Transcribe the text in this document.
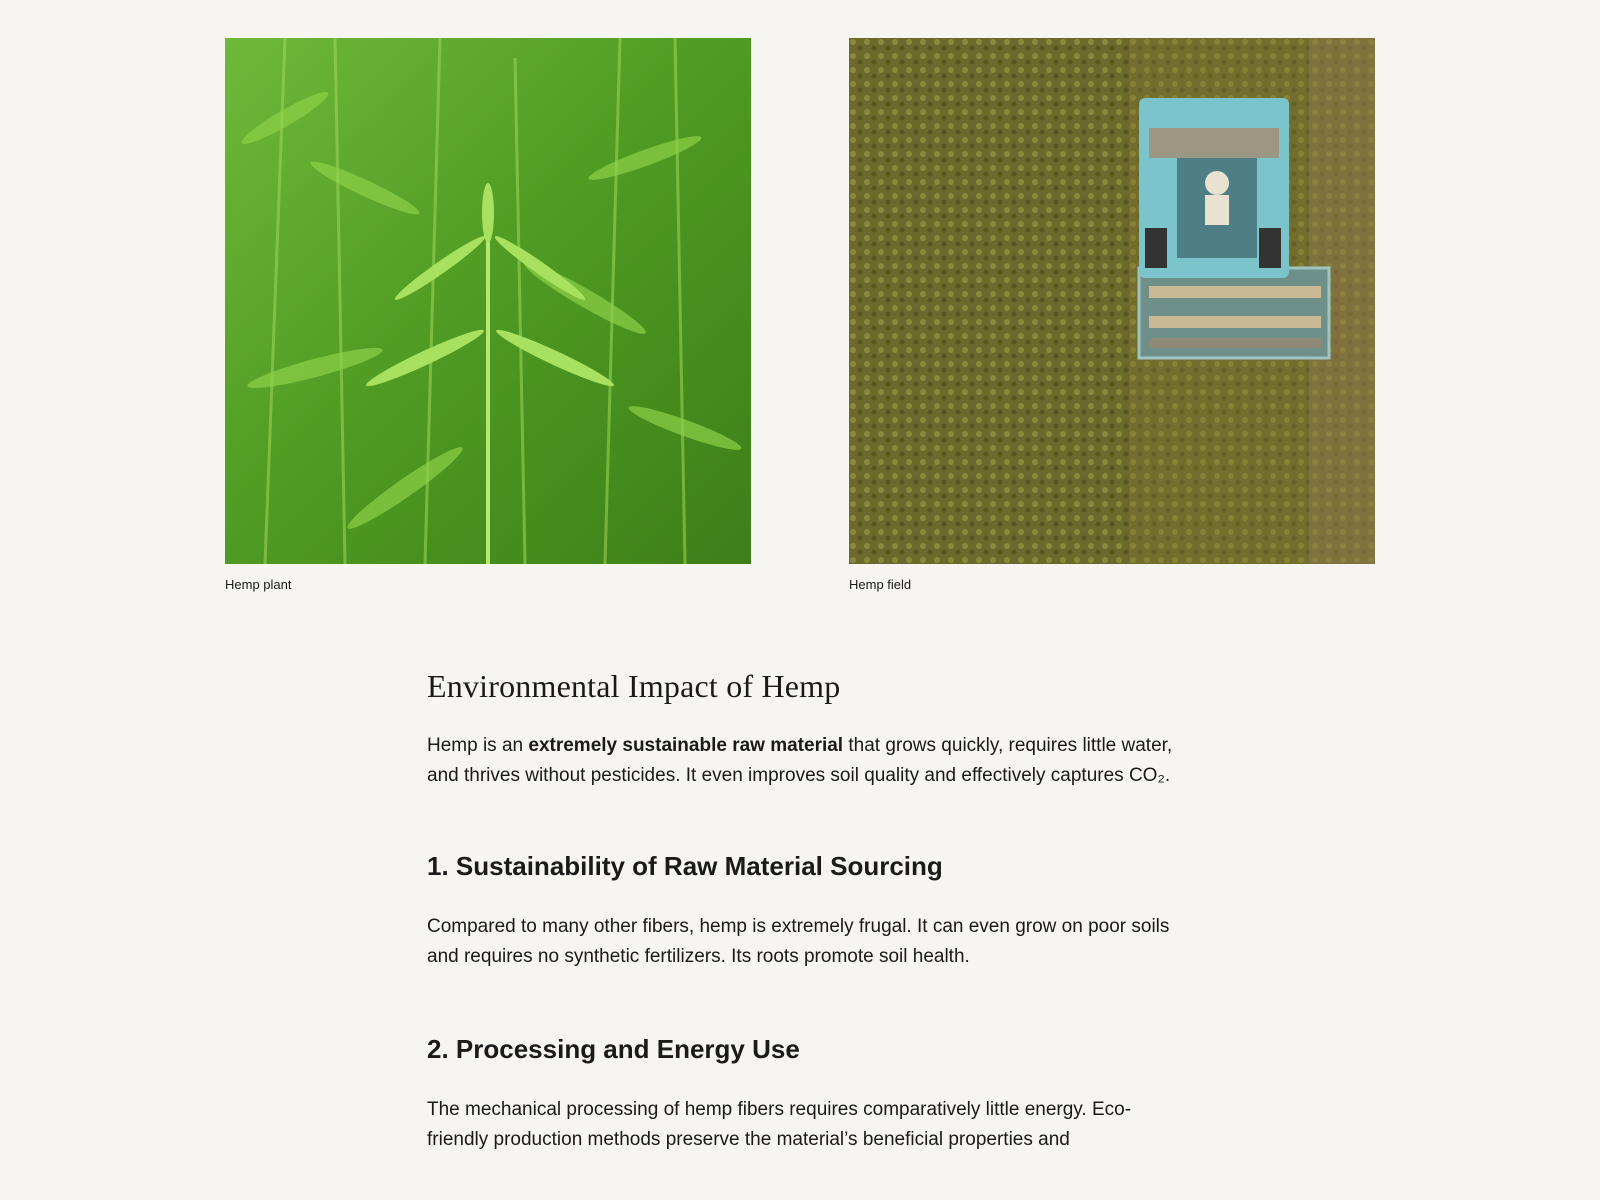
Hemp plant	Hemp field
Environmental Impact of Hemp

Hemp is an extremely sustainable raw material that grows quickly, requires little water, and thrives without pesticides. It even improves soil quality and effectively captures CO₂.

1. Sustainability of Raw Material Sourcing

Compared to many other fibers, hemp is extremely frugal. It can even grow on poor soils and requires no synthetic fertilizers. Its roots promote soil health.

2. Processing and Energy Use

The mechanical processing of hemp fibers requires comparatively little energy. Eco-friendly production methods preserve the material’s beneficial properties and
